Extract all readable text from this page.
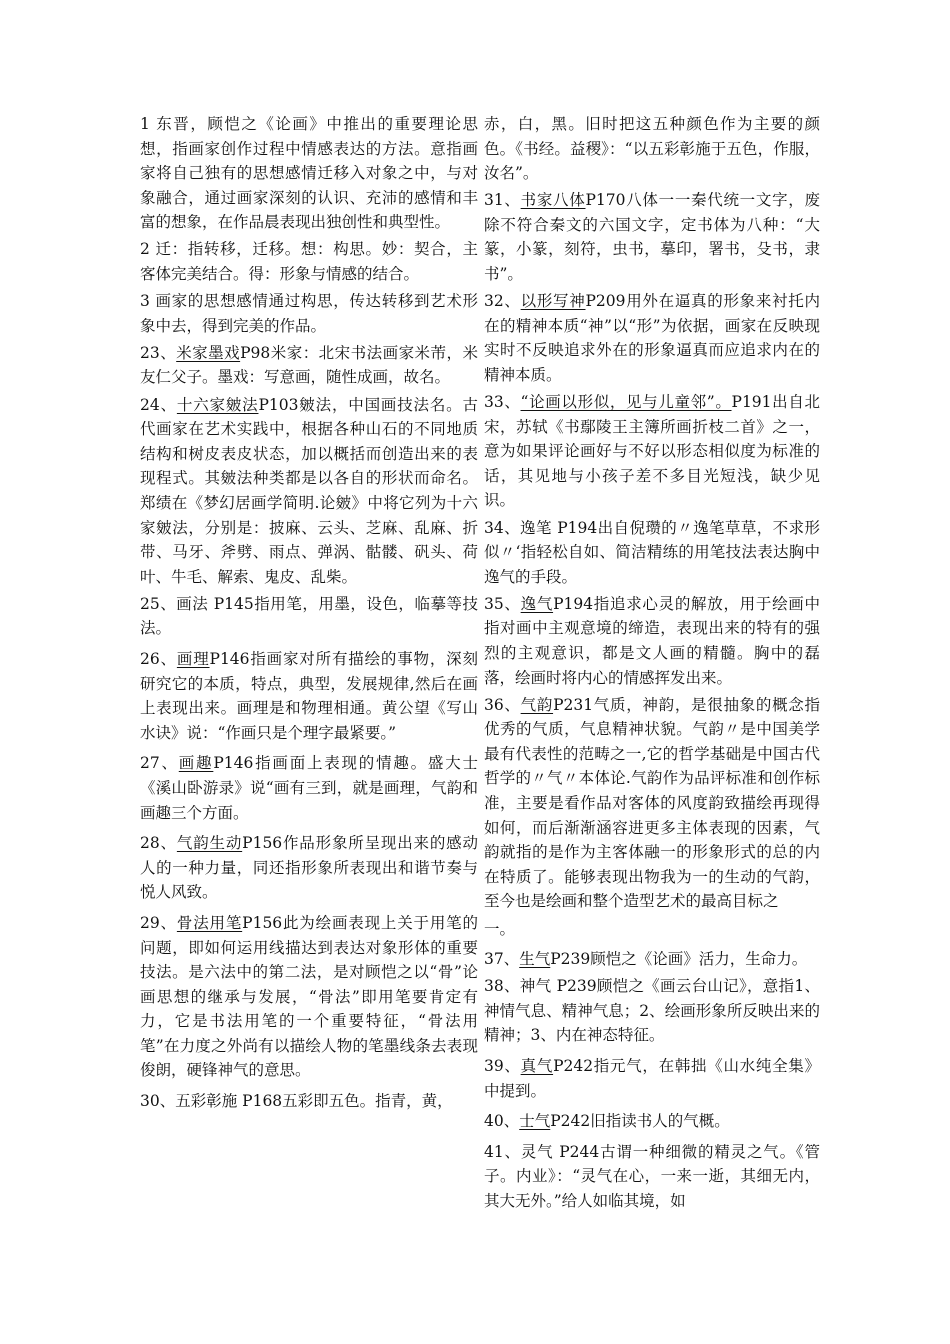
1 东晋，顾恺之《论画》中推出的重要理论思想，指画家创作过程中情感表达的方法。意指画家将自己独有的思想感情迁移入对象之中，与对象融合，通过画家深刻的认识、充沛的感情和丰富的想象，在作品晨表现出独创性和典型性。

2 迁：指转移，迁移。想：构思。妙：契合，主客体完美结合。得：形象与情感的结合。

3 画家的思想感情通过构思，传达转移到艺术形象中去，得到完美的作品。

23、米家墨戏P98米家：北宋书法画家米芾，米友仁父子。墨戏：写意画，随性成画，故名。

24、十六家皴法P103皴法，中国画技法名。古代画家在艺术实践中，根据各种山石的不同地质结构和树皮表皮状态，加以概括而创造出来的表现程式。其皴法种类都是以各自的形状而命名。郑绩在《梦幻居画学简明.论皴》中将它列为十六家皴法，分别是：披麻、云头、芝麻、乱麻、折带、马牙、斧劈、雨点、弹涡、骷髅、矾头、荷叶、牛毛、解索、鬼皮、乱柴。

25、画法 P145指用笔，用墨，设色，临摹等技法。

26、画理P146指画家对所有描绘的事物，深刻研究它的本质，特点，典型，发展规律,然后在画上表现出来。画理是和物理相通。黄公望《写山水诀》说：“作画只是个理字最紧要。”

27、画趣P146指画面上表现的情趣。盛大士《溪山卧游录》说“画有三到，就是画理，气韵和画趣三个方面。

28、气韵生动P156作品形象所呈现出来的感动人的一种力量，同还指形象所表现出和谐节奏与悦人风致。

29、骨法用笔P156此为绘画表现上关于用笔的问题，即如何运用线描达到表达对象形体的重要技法。是六法中的第二法，是对顾恺之以“骨”论画思想的继承与发展，“骨法”即用笔要肯定有力，它是书法用笔的一个重要特征，“骨法用笔”在力度之外尚有以描绘人物的笔墨线条去表现俊朗，硬锋神气的意思。

30、五彩彰施 P168五彩即五色。指青，黄，

赤，白，黑。旧时把这五种颜色作为主要的颜色。《书经。益稷》：“以五彩彰施于五色，作服，汝名”。

31、书家八体P170八体一一秦代统一文字，废除不符合秦文的六国文字，定书体为八种：“大篆，小篆，刻符，虫书，摹印，署书，殳书，隶书”。

32、以形写神P209用外在逼真的形象来衬托内在的精神本质“神”以“形”为依据，画家在反映现实时不反映追求外在的形象逼真而应追求内在的精神本质。

33、“论画以形似，见与儿童邻”。P191出自北宋，苏轼《书鄢陵王主簿所画折枝二首》之一，意为如果评论画好与不好以形态相似度为标准的话，其见地与小孩子差不多目光短浅，缺少见识。

34、逸笔 P194出自倪瓒的〃逸笔草草，不求形似〃‘指轻松自如、简洁精练的用笔技法表达胸中逸气的手段。

35、逸气P194指追求心灵的解放，用于绘画中指对画中主观意境的缔造，表现出来的特有的强烈的主观意识，都是文人画的精髓。胸中的磊落，绘画时将内心的情感挥发出来。

36、气韵P231气质，神韵，是很抽象的概念指优秀的气质，气息精神状貌。气韵〃是中国美学最有代表性的范畴之一,它的哲学基础是中国古代哲学的〃气〃本体论.气韵作为品评标准和创作标准，主要是看作品对客体的风度韵致描绘再现得如何，而后渐渐涵容进更多主体表现的因素，气韵就指的是作为主客体融一的形象形式的总的内在特质了。能够表现出物我为一的生动的气韵，至今也是绘画和整个造型艺术的最高目标之

一。

37、生气P239顾恺之《论画》活力，生命力。

38、神气 P239顾恺之《画云台山记》，意指1、神情气息、精神气息；2、绘画形象所反映出来的精神；3、内在神态特征。

39、真气P242指元气，在韩拙《山水纯全集》中提到。

40、士气P242旧指读书人的气概。

41、灵气 P244古谓一种细微的精灵之气。《管子。内业》：“灵气在心，一来一逝，其细无内，其大无外。”给人如临其境，如
